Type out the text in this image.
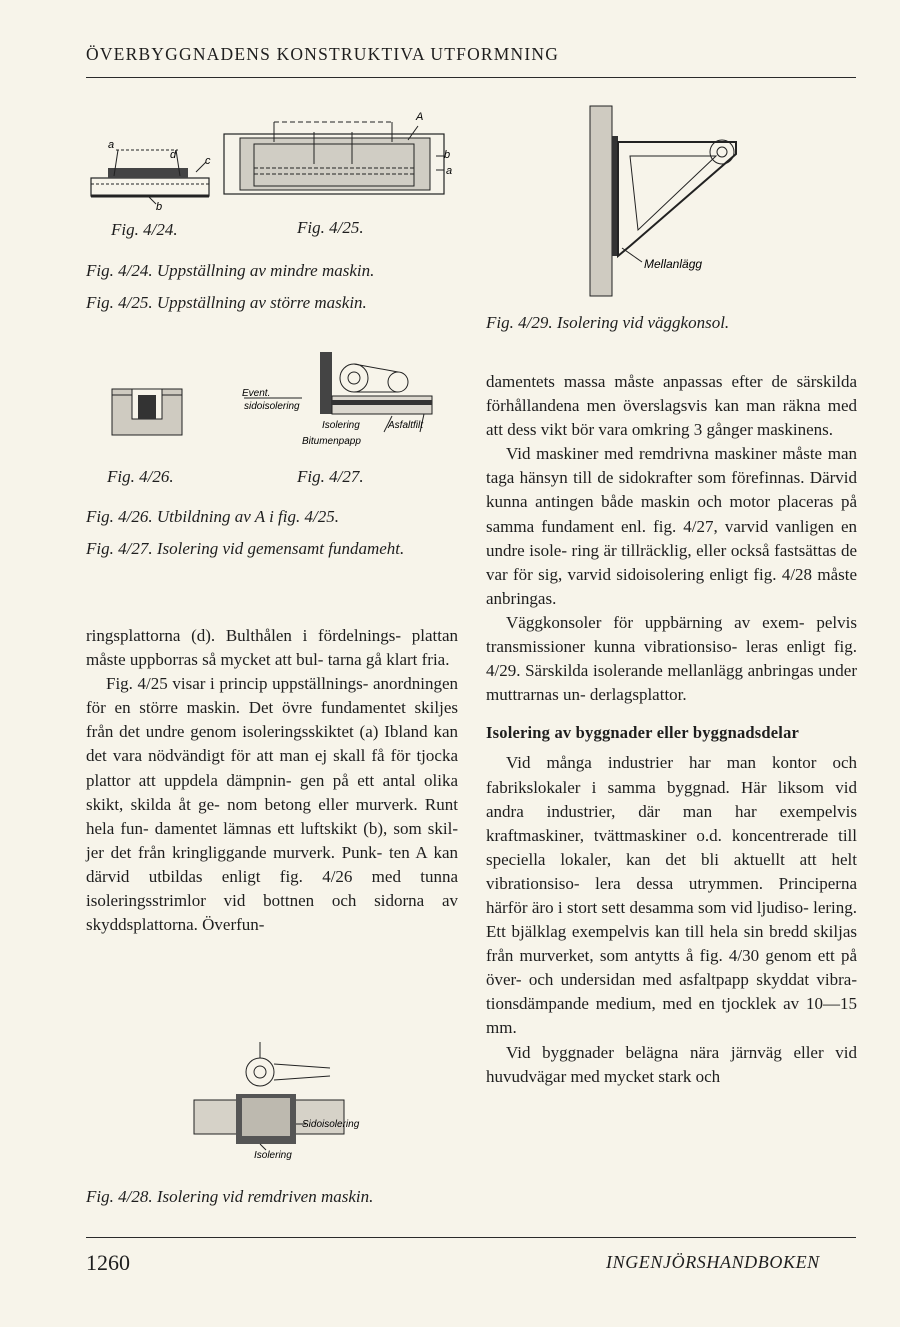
ÖVERBYGGNADENS KONSTRUKTIVA UTFORMNING
a
d	c
b
A
b
a
Fig. 4/24.	Fig. 4/25.
Fig. 4/24. Uppställning av mindre maskin.
Fig. 4/25. Uppställning av större maskin.
Event.
sidoisolering
Isolering	Asfaltfilt
Bitumenpapp
Fig. 4/26.	Fig. 4/27.
Fig. 4/26. Utbildning av A i fig. 4/25.
Fig. 4/27. Isolering vid gemensamt fundameht.

ringsplattorna (d). Bulthålen i fördelnings- plattan måste uppborras så mycket att bul- tarna gå klart fria.

Fig. 4/25 visar i princip uppställnings- anordningen för en större maskin. Det övre fundamentet skiljes från det undre genom isoleringsskiktet (a) Ibland kan det vara nödvändigt för att man ej skall få för tjocka plattor att uppdela dämpnin- gen på ett antal olika skikt, skilda åt ge- nom betong eller murverk. Runt hela fun- damentet lämnas ett luftskikt (b), som skil- jer det från kringliggande murverk. Punk- ten A kan därvid utbildas enligt fig. 4/26 med tunna isoleringsstrimlor vid bottnen och sidorna av skyddsplattorna. Överfun-

Sidoisolering
Isolering
Fig. 4/28. Isolering vid remdriven maskin.
Mellanlägg
Fig. 4/29. Isolering vid väggkonsol.

damentets massa måste anpassas efter de särskilda förhållandena men överslagsvis kan man räkna med att dess vikt bör vara omkring 3 gånger maskinens.

Vid maskiner med remdrivna maskiner måste man taga hänsyn till de sidokrafter som förefinnas. Därvid kunna antingen både maskin och motor placeras på samma fundament enl. fig. 4/27, varvid vanligen en undre isole- ring är tillräcklig, eller också fastsättas de var för sig, varvid sidoisolering enligt fig. 4/28 måste anbringas.

Väggkonsoler för uppbärning av exem- pelvis transmissioner kunna vibrationsiso- leras enligt fig. 4/29. Särskilda isolerande mellanlägg anbringas under muttrarnas un- derlagsplattor.

Isolering av byggnader eller byggnadsdelar

Vid många industrier har man kontor och fabrikslokaler i samma byggnad. Här liksom vid andra industrier, där man har exempelvis kraftmaskiner, tvättmaskiner o.d. koncentrerade till speciella lokaler, kan det bli aktuellt att helt vibrationsiso- lera dessa utrymmen. Principerna härför äro i stort sett desamma som vid ljudiso- lering. Ett bjälklag exempelvis kan till hela sin bredd skiljas från murverket, som antytts å fig. 4/30 genom ett på över- och undersidan med asfaltpapp skyddat vibra- tionsdämpande medium, med en tjocklek av 10—15 mm.

Vid byggnader belägna nära järnväg eller vid huvudvägar med mycket stark och

1260	INGENJÖRSHANDBOKEN
